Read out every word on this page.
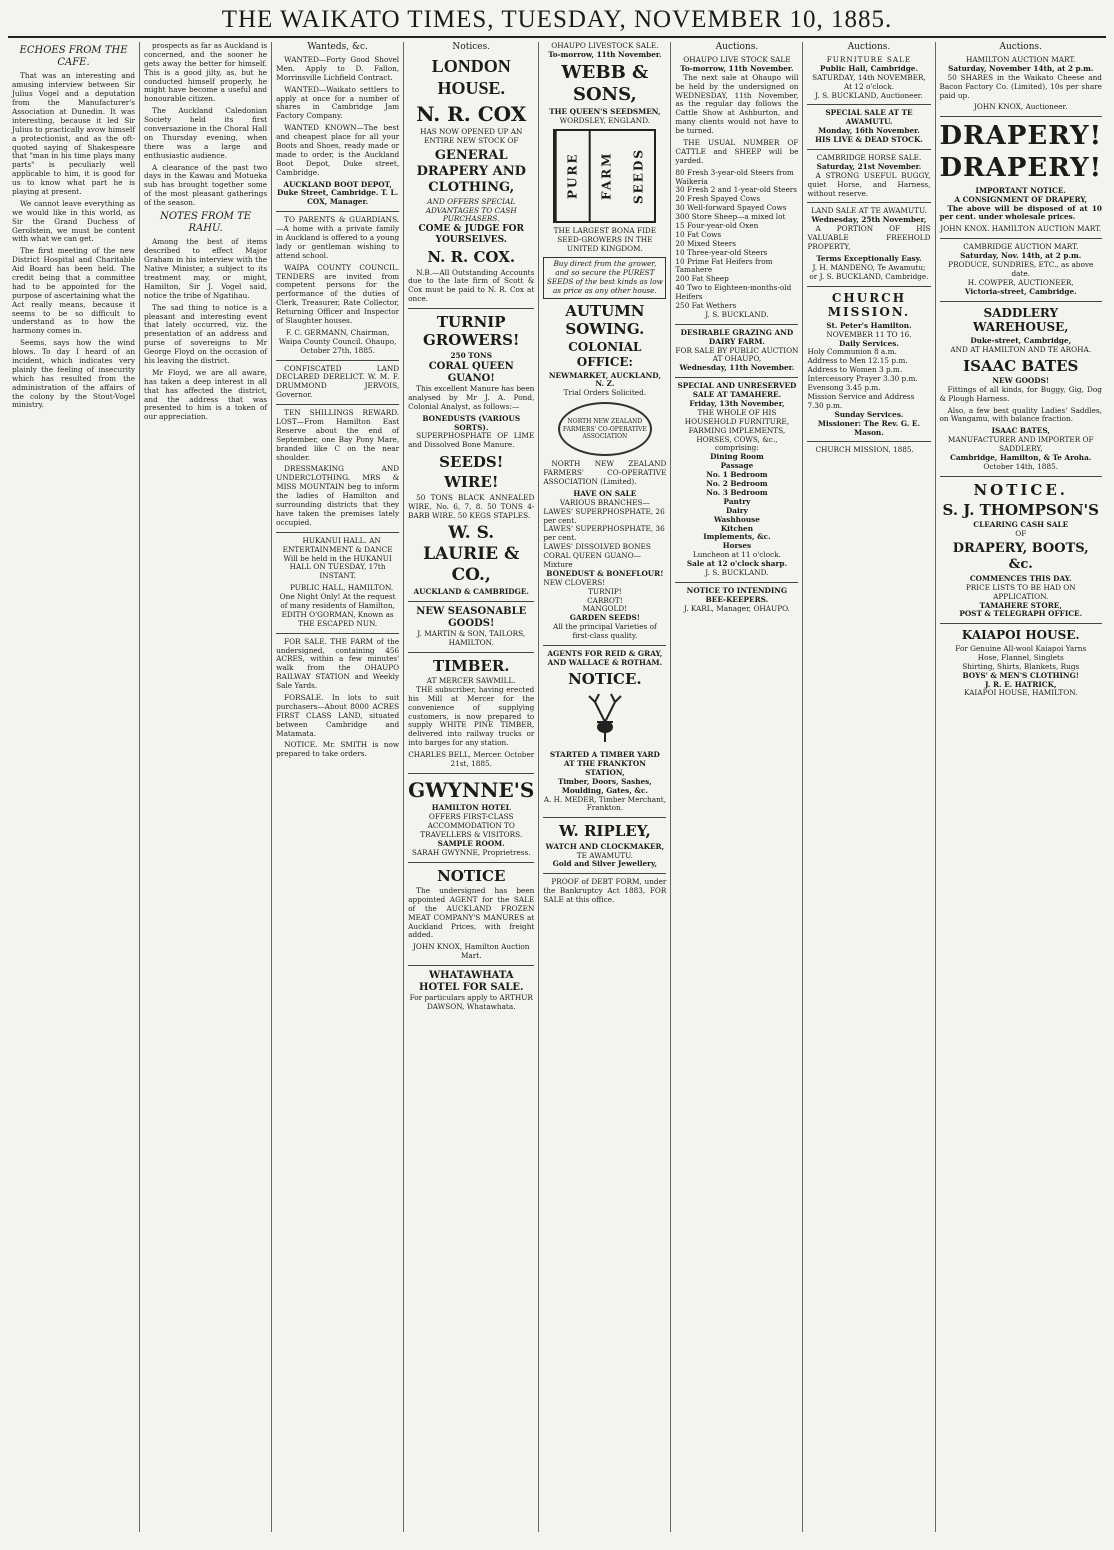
THE WAIKATO TIMES, TUESDAY, NOVEMBER 10, 1885.
ECHOES FROM THE CAFE.

That was an interesting and amusing interview between Sir Julius Vogel and a deputation from the Manufacturer's Association at Dunedin. It was interesting, because it led Sir Julius to practically avow himself a protectionist, and as the oft-quoted saying of Shakespeare that "man in his time plays many parts" is peculiarly well applicable to him, it is good for us to know what part he is playing at present.

We cannot leave everything as we would like in this world, as Sir the Grand Duchess of Gerolstein, we must be content with what we can get.

The first meeting of the new District Hospital and Charitable Aid Board has been held. The credit being that a committee had to be appointed for the purpose of ascertaining what the Act really means, because it seems to be so difficult to understand as to how the harmony comes in.

Seems, says how the wind blows. To day I heard of an incident, which indicates very plainly the feeling of insecurity which has resulted from the administration of the affairs of the colony by the Stout-Vogel ministry.

prospects as far as Auckland is concerned, and the sooner he gets away the better for himself. This is a good jilty, as, but he conducted himself properly, he might have become a useful and honourable citizen.

The Auckland Caledonian Society held its first conversazione in the Choral Hall on Thursday evening, when there was a large and enthusiastic audience.

A clearance of the past two days in the Kawau and Motueka sub has brought together some of the most pleasant gatherings of the season.

NOTES FROM TE RAHU.

Among the best of items described to effect Major Graham in his interview with the Native Minister, a subject to its treatment may, or might, Hamilton, Sir J. Vogel said, notice the tribe of Ngatihau.

The sad thing to notice is a pleasant and interesting event that lately occurred, viz. the presentation of an address and purse of sovereigns to Mr George Floyd on the occasion of his leaving the district.

Mr Floyd, we are all aware, has taken a deep interest in all that has affected the district, and the address that was presented to him is a token of our appreciation.

Wanteds, &c.

WANTED—Forty Good Shovel Men. Apply to D. Fallon, Morrinsville Lichfield Contract.

WANTED—Waikato settlers to apply at once for a number of shares in Cambridge Jam Factory Company.

WANTED KNOWN—The best and cheapest place for all your Boots and Shoes, ready made or made to order, is the Auckland Boot Depot, Duke street, Cambridge.

AUCKLAND BOOT DEPOT, Duke Street, Cambridge. T. L. COX, Manager.

TO PARENTS & GUARDIANS.—A home with a private family in Auckland is offered to a young lady or gentleman wishing to attend school.

WAIPA COUNTY COUNCIL. TENDERS are invited from competent persons for the performance of the duties of Clerk, Treasurer, Rate Collector, Returning Officer and Inspector of Slaughter houses.

F. C. GERMANN, Chairman, Waipa County Council. Ohaupo, October 27th, 1885.

CONFISCATED LAND DECLARED DERELICT. W. M. F. DRUMMOND JERVOIS, Governor.

TEN SHILLINGS REWARD. LOST—From Hamilton East Reserve about the end of September, one Bay Pony Mare, branded like C on the near shoulder.

DRESSMAKING AND UNDERCLOTHING. MRS & MISS MOUNTAIN beg to inform the ladies of Hamilton and surrounding districts that they have taken the premises lately occupied.

HUKANUI HALL. AN ENTERTAINMENT & DANCE Will be held in the HUKANUI HALL ON TUESDAY, 17th INSTANT.

PUBLIC HALL, HAMILTON. One Night Only! At the request of many residents of Hamilton, EDITH O'GORMAN, Known as THE ESCAPED NUN.

FOR SALE. THE FARM of the undersigned, containing 456 ACRES, within a few minutes' walk from the OHAUPO RAILWAY STATION and Weekly Sale Yards.

FORSALE. In lots to suit purchasers—About 8000 ACRES FIRST CLASS LAND, situated between Cambridge and Matamata.

NOTICE. Mr. SMITH is now prepared to take orders.

Notices.
LONDON HOUSE.
N. R. COX
HAS NOW OPENED UP AN ENTIRE NEW STOCK OF
GENERAL DRAPERY AND CLOTHING,
AND OFFERS SPECIAL ADVANTAGES TO CASH PURCHASERS.
COME & JUDGE FOR YOURSELVES.
N. R. COX.

N.B.—All Outstanding Accounts due to the late firm of Scott & Cox must be paid to N. R. Cox at once.

TURNIP GROWERS!
250 TONS
CORAL QUEEN GUANO!

This excellent Manure has been analysed by Mr J. A. Pond, Colonial Analyst, as follows:—

BONEDUSTS (VARIOUS SORTS).

SUPERPHOSPHATE OF LIME and Dissolved Bone Manure.

SEEDS!
WIRE!

50 TONS BLACK ANNEALED WIRE, No. 6, 7, 8. 50 TONS 4-BARB WIRE. 50 KEGS STAPLES.

W. S. LAURIE & CO.,
AUCKLAND & CAMBRIDGE.
NEW SEASONABLE GOODS!
J. MARTIN & SON, TAILORS, HAMILTON.
TIMBER.
AT MERCER SAWMILL.

THE subscriber, having erected his Mill at Mercer for the convenience of supplying customers, is now prepared to supply WHITE PINE TIMBER, delivered into railway trucks or into barges for any station.

CHARLES BELL, Mercer. October 21st, 1885.
GWYNNE'S
HAMILTON HOTEL
OFFERS FIRST-CLASS ACCOMMODATION TO TRAVELLERS & VISITORS.
SAMPLE ROOM.
SARAH GWYNNE, Proprietress.
NOTICE

The undersigned has been appointed AGENT for the SALE of the AUCKLAND FROZEN MEAT COMPANY'S MANURES at Auckland Prices, with freight added.

JOHN KNOX, Hamilton Auction Mart.
WHATAWHATA HOTEL FOR SALE.
For particulars apply to ARTHUR DAWSON, Whatawhata.
OHAUPO LIVESTOCK SALE.
To-morrow, 11th November.
WEBB & SONS,
THE QUEEN'S SEEDSMEN,
WORDSLEY, ENGLAND.
PURE	FARM	SEEDS
THE LARGEST BONA FIDE SEED-GROWERS IN THE UNITED KINGDOM.
Buy direct from the grower, and so secure the PUREST SEEDS of the best kinds as low as price as any other house.
AUTUMN SOWING.
COLONIAL OFFICE:
NEWMARKET, AUCKLAND, N. Z.
Trial Orders Solicited.
NORTH NEW ZEALAND FARMERS' CO-OPERATIVE ASSOCIATION

NORTH NEW ZEALAND FARMERS' CO-OPERATIVE ASSOCIATION (Limited).

HAVE ON SALE
VARIOUS BRANCHES—
LAWES' SUPERPHOSPHATE, 26 per cent.
LAWES' SUPERPHOSPHATE, 36 per cent.
LAWES' DISSOLVED BONES
CORAL QUEEN GUANO—Mixture
BONEDUST & BONEFLOUR!
NEW CLOVERS!
TURNIP!
CARROT!
MANGOLD!
GARDEN SEEDS!
All the principal Varieties of first-class quality.
AGENTS FOR REID & GRAY, AND WALLACE & ROTHAM.
NOTICE.
STARTED A TIMBER YARD AT THE FRANKTON STATION,
Timber, Doors, Sashes, Moulding, Gates, &c.
A. H. MEDER, Timber Merchant, Frankton.
W. RIPLEY,
WATCH AND CLOCKMAKER,
TE AWAMUTU.
Gold and Silver Jewellery,

PROOF of DEBT FORM, under the Bankruptcy Act 1883, FOR SALE at this office.

Auctions.
OHAUPO LIVE STOCK SALE
To-morrow, 11th November.

The next sale at Ohaupo will be held by the undersigned on WEDNESDAY, 11th November, as the regular day follows the Cattle Show at Ashburton, and many clients would not have to be turned.

THE USUAL NUMBER OF CATTLE and SHEEP will be yarded.

80 Fresh 3-year-old Steers from Waikeria
30 Fresh 2 and 1-year-old Steers
20 Fresh Spayed Cows
30 Well-forward Spayed Cows
300 Store Sheep—a mixed lot
15 Four-year-old Oxen
10 Fat Cows
20 Mixed Steers
10 Three-year-old Steers
10 Prime Fat Heifers from Tamahere
200 Fat Sheep
40 Two to Eighteen-months-old Heifers
250 Fat Wethers
J. S. BUCKLAND.
DESIRABLE GRAZING AND DAIRY FARM.
FOR SALE BY PUBLIC AUCTION AT OHAUPO,
Wednesday, 11th November.
SPECIAL AND UNRESERVED SALE AT TAMAHERE.
Friday, 13th November,
THE WHOLE OF HIS HOUSEHOLD FURNITURE, FARMING IMPLEMENTS, HORSES, COWS, &c., comprising:
Dining Room
Passage
No. 1 Bedroom
No. 2 Bedroom
No. 3 Bedroom
Pantry
Dairy
Washhouse
Kitchen
Implements, &c.
Horses
Luncheon at 11 o'clock.
Sale at 12 o'clock sharp.
J. S. BUCKLAND.
NOTICE TO INTENDING BEE-KEEPERS.
J. KARL, Manager, OHAUPO.
Auctions.
FURNITURE SALE
Public Hall, Cambridge.
SATURDAY, 14th NOVEMBER, At 12 o'clock.
J. S. BUCKLAND, Auctioneer.
SPECIAL SALE AT TE AWAMUTU.
Monday, 16th November.
HIS LIVE & DEAD STOCK.
CAMBRIDGE HORSE SALE.
Saturday, 21st November.

A STRONG USEFUL BUGGY, quiet Horse, and Harness, without reserve.

LAND SALE AT TE AWAMUTU.
Wednesday, 25th November,

A PORTION OF HIS VALUABLE FREEHOLD PROPERTY,

Terms Exceptionally Easy.
J. H. MANDENO, Te Awamutu; or J. S. BUCKLAND, Cambridge.
CHURCH MISSION.
St. Peter's Hamilton.
NOVEMBER 11 TO 16.
Daily Services.
Holy Communion 8 a.m.
Address to Men 12.15 p.m.
Address to Women 3 p.m.
Intercessory Prayer 3.30 p.m.
Evensong 3.45 p.m.
Mission Service and Address 7.30 p.m.
Sunday Services.
Missioner: The Rev. G. E. Mason.

CHURCH MISSION, 1885.

Auctions.
HAMILTON AUCTION MART.
Saturday, November 14th, at 2 p.m.

50 SHARES in the Waikato Cheese and Bacon Factory Co. (Limited), 10s per share paid up.

JOHN KNOX, Auctioneer.
DRAPERY! DRAPERY!
IMPORTANT NOTICE.
A CONSIGNMENT OF DRAPERY,

The above will be disposed of at 10 per cent. under wholesale prices.

JOHN KNOX. HAMILTON AUCTION MART.
CAMBRIDGE AUCTION MART.
Saturday, Nov. 14th, at 2 p.m.
PRODUCE, SUNDRIES, ETC., as above date.
H. COWPER, AUCTIONEER,
Victoria-street, Cambridge.
SADDLERY WAREHOUSE,
Duke-street, Cambridge,
AND AT HAMILTON AND TE AROHA.
ISAAC BATES
NEW GOODS!

Fittings of all kinds, for Buggy, Gig, Dog & Plough Harness.

Also, a few best quality Ladies' Saddles, on Wangamu, with balance fraction.

ISAAC BATES,
MANUFACTURER AND IMPORTER OF SADDLERY,
Cambridge, Hamilton, & Te Aroha.
October 14th, 1885.
NOTICE.
S. J. THOMPSON'S
CLEARING CASH SALE
OF
DRAPERY, BOOTS, &c.
COMMENCES THIS DAY.
PRICE LISTS TO BE HAD ON APPLICATION.
TAMAHERE STORE,
POST & TELEGRAPH OFFICE.
KAIAPOI HOUSE.
For Genuine All-wool Kaiapoi Yarns
Hose, Flannel, Singlets
Shirting, Shirts, Blankets, Rugs
BOYS' & MEN'S CLOTHING!
J. R. E. HATRICK,
KAIAPOI HOUSE, HAMILTON.
